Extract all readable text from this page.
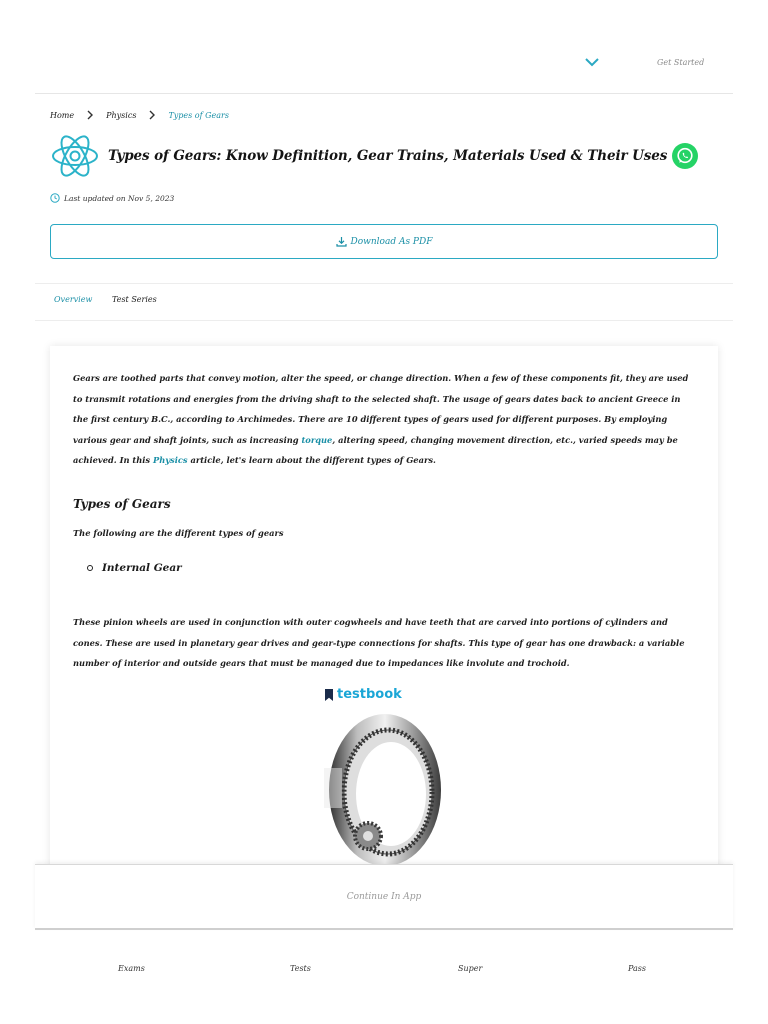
Get Started
Home	Physics	Types of Gears
Types of Gears: Know Definition, Gear Trains, Materials Used & Their Uses
Last updated on Nov 5, 2023
Download As PDF
Overview Test Series

Gears are toothed parts that convey motion, alter the speed, or change direction. When a few of these components fit, they are used to transmit rotations and energies from the driving shaft to the selected shaft. The usage of gears dates back to ancient Greece in the first century B.C., according to Archimedes. There are 10 different types of gears used for different purposes. By employing various gear and shaft joints, such as increasing torque, altering speed, changing movement direction, etc., varied speeds may be achieved. In this Physics article, let's learn about the different types of Gears.

Types of Gears

The following are the different types of gears

Internal Gear

These pinion wheels are used in conjunction with outer cogwheels and have teeth that are carved into portions of cylinders and cones. These are used in planetary gear drives and gear-type connections for shafts. This type of gear has one drawback: a variable number of interior and outside gears that must be managed due to impedances like involute and trochoid.

testbook
Continue In App
Exams	Tests	Super	Pass
